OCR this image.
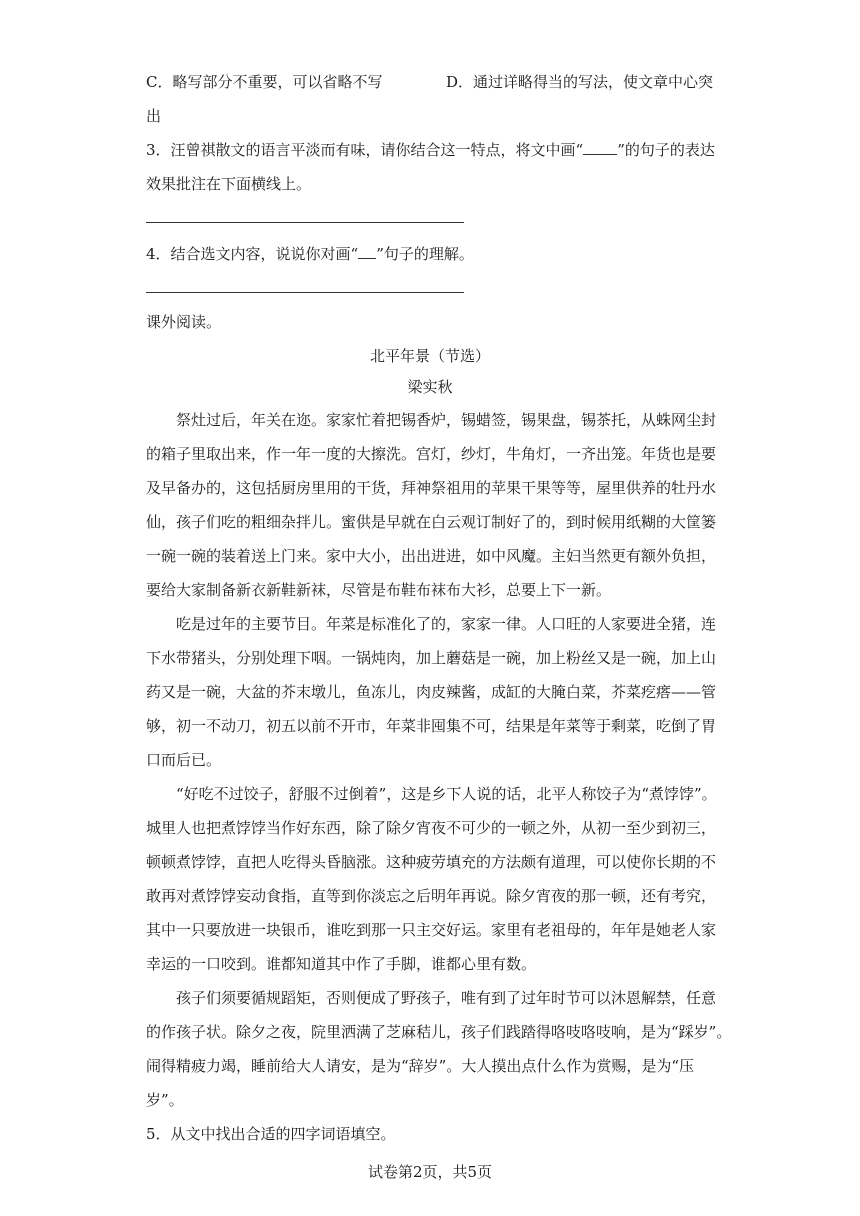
C．略写部分不重要，可以省略不写	D．通过详略得当的写法，使文章中心突
出
3．汪曾祺散文的语言平淡而有味，请你结合这一特点，将文中画“ ”的句子的表达
效果批注在下面横线上。
4．结合选文内容，说说你对画“ ”句子的理解。
课外阅读。
北平年景（节选）
梁实秋
祭灶过后，年关在迩。家家忙着把锡香炉，锡蜡签，锡果盘，锡茶托，从蛛网尘封
的箱子里取出来，作一年一度的大擦洗。宫灯，纱灯，牛角灯，一齐出笼。年货也是要
及早备办的，这包括厨房里用的干货，拜神祭祖用的苹果干果等等，屋里供养的牡丹水
仙，孩子们吃的粗细杂拌儿。蜜供是早就在白云观订制好了的，到时候用纸糊的大筐篓
一碗一碗的装着送上门来。家中大小，出出进进，如中风魔。主妇当然更有额外负担，
要给大家制备新衣新鞋新袜，尽管是布鞋布袜布大衫，总要上下一新。
吃是过年的主要节目。年菜是标准化了的，家家一律。人口旺的人家要进全猪，连
下水带猪头，分别处理下咽。一锅炖肉，加上蘑菇是一碗，加上粉丝又是一碗，加上山
药又是一碗，大盆的芥末墩儿，鱼冻儿，肉皮辣酱，成缸的大腌白菜，芥菜疙瘩——管
够，初一不动刀，初五以前不开市，年菜非囤集不可，结果是年菜等于剩菜，吃倒了胃
口而后已。
“好吃不过饺子，舒服不过倒着”，这是乡下人说的话，北平人称饺子为“煮饽饽”。
城里人也把煮饽饽当作好东西，除了除夕宵夜不可少的一顿之外，从初一至少到初三，
顿顿煮饽饽，直把人吃得头昏脑涨。这种疲劳填充的方法颇有道理，可以使你长期的不
敢再对煮饽饽妄动食指，直等到你淡忘之后明年再说。除夕宵夜的那一顿，还有考究，
其中一只要放进一块银币，谁吃到那一只主交好运。家里有老祖母的，年年是她老人家
幸运的一口咬到。谁都知道其中作了手脚，谁都心里有数。
孩子们须要循规蹈矩，否则便成了野孩子，唯有到了过年时节可以沐恩解禁，任意
的作孩子状。除夕之夜，院里洒满了芝麻秸儿，孩子们践踏得咯吱咯吱响，是为“踩岁”。
闹得精疲力竭，睡前给大人请安，是为“辞岁”。大人摸出点什么作为赏赐，是为“压
岁”。
5．从文中找出合适的四字词语填空。
试卷第2页，共5页
